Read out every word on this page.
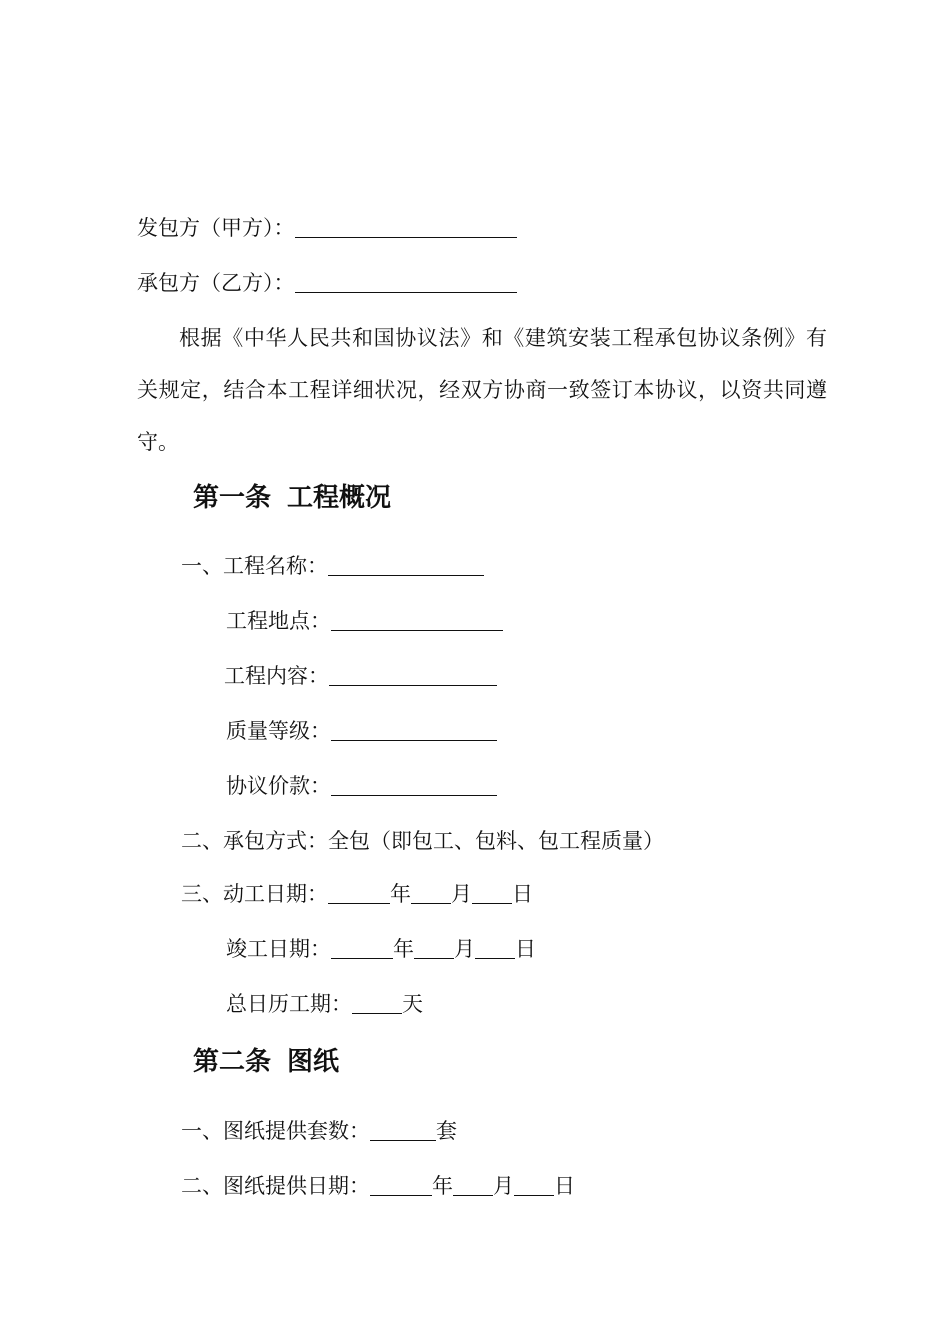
发包方（甲方）：
承包方（乙方）：
根据《中华人民共和国协议法》和《建筑安装工程承包协议条例》有关规定，结合本工程详细状况，经双方协商一致签订本协议，以资共同遵守。
第一条 工程概况
一、工程名称：
工程地点：
工程内容：
质量等级：
协议价款：
二、承包方式：全包（即包工、包料、包工程质量）
三、动工日期：	年 月 日
竣工日期：	年 月 日
总日历工期： 天
第二条 图纸
一、图纸提供套数：	套
二、图纸提供日期：	年 月 日
